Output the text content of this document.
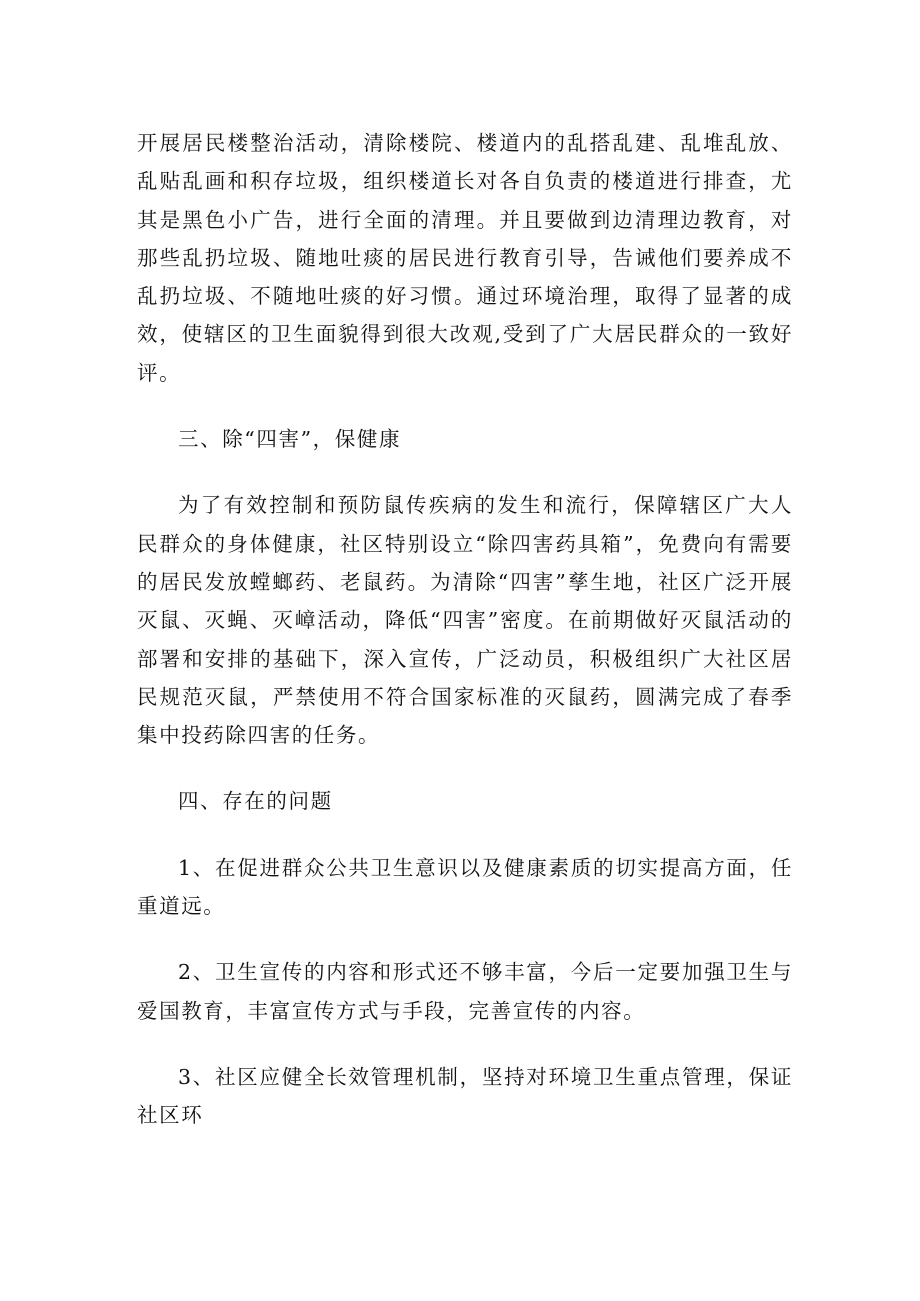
开展居民楼整治活动，清除楼院、楼道内的乱搭乱建、乱堆乱放、乱贴乱画和积存垃圾，组织楼道长对各自负责的楼道进行排查，尤其是黑色小广告，进行全面的清理。并且要做到边清理边教育，对那些乱扔垃圾、随地吐痰的居民进行教育引导，告诫他们要养成不乱扔垃圾、不随地吐痰的好习惯。通过环境治理，取得了显著的成效，使辖区的卫生面貌得到很大改观,受到了广大居民群众的一致好评。

三、除“四害”，保健康

为了有效控制和预防鼠传疾病的发生和流行，保障辖区广大人民群众的身体健康，社区特别设立“除四害药具箱”，免费向有需要的居民发放螳螂药、老鼠药。为清除“四害”孳生地，社区广泛开展灭鼠、灭蝇、灭嶂活动，降低“四害”密度。在前期做好灭鼠活动的部署和安排的基础下，深入宣传，广泛动员，积极组织广大社区居民规范灭鼠，严禁使用不符合国家标准的灭鼠药，圆满完成了春季集中投药除四害的任务。

四、存在的问题

1、在促进群众公共卫生意识以及健康素质的切实提高方面，任重道远。

2、卫生宣传的内容和形式还不够丰富，今后一定要加强卫生与爱国教育，丰富宣传方式与手段，完善宣传的内容。

3、社区应健全长效管理机制，坚持对环境卫生重点管理，保证社区环
